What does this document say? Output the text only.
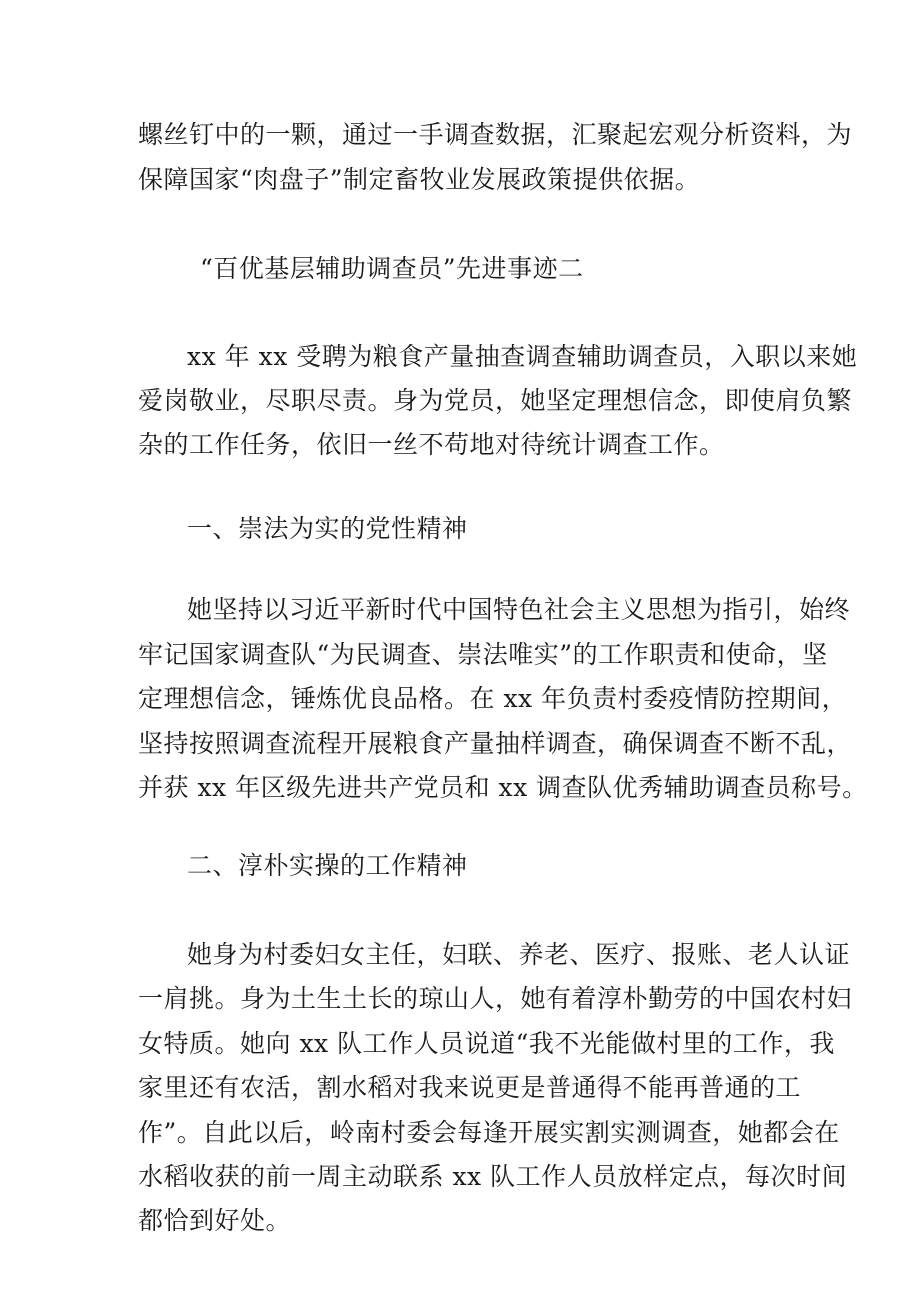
螺丝钉中的一颗，通过一手调查数据，汇聚起宏观分析资料，为
保障国家“肉盘子”制定畜牧业发展政策提供依据。
“百优基层辅助调查员”先进事迹二
xx 年 xx 受聘为粮食产量抽查调查辅助调查员，入职以来她
爱岗敬业，尽职尽责。身为党员，她坚定理想信念，即使肩负繁
杂的工作任务，依旧一丝不苟地对待统计调查工作。
一、崇法为实的党性精神
她坚持以习近平新时代中国特色社会主义思想为指引，始终
牢记国家调查队“为民调查、崇法唯实”的工作职责和使命，坚
定理想信念，锤炼优良品格。在 xx 年负责村委疫情防控期间，
坚持按照调查流程开展粮食产量抽样调查，确保调查不断不乱，
并获 xx 年区级先进共产党员和 xx 调查队优秀辅助调查员称号。
二、淳朴实操的工作精神
她身为村委妇女主任，妇联、养老、医疗、报账、老人认证
一肩挑。身为土生土长的琼山人，她有着淳朴勤劳的中国农村妇
女特质。她向 xx 队工作人员说道“我不光能做村里的工作，我
家里还有农活，割水稻对我来说更是普通得不能再普通的工
作”。自此以后，岭南村委会每逢开展实割实测调查，她都会在
水稻收获的前一周主动联系 xx 队工作人员放样定点，每次时间
都恰到好处。
